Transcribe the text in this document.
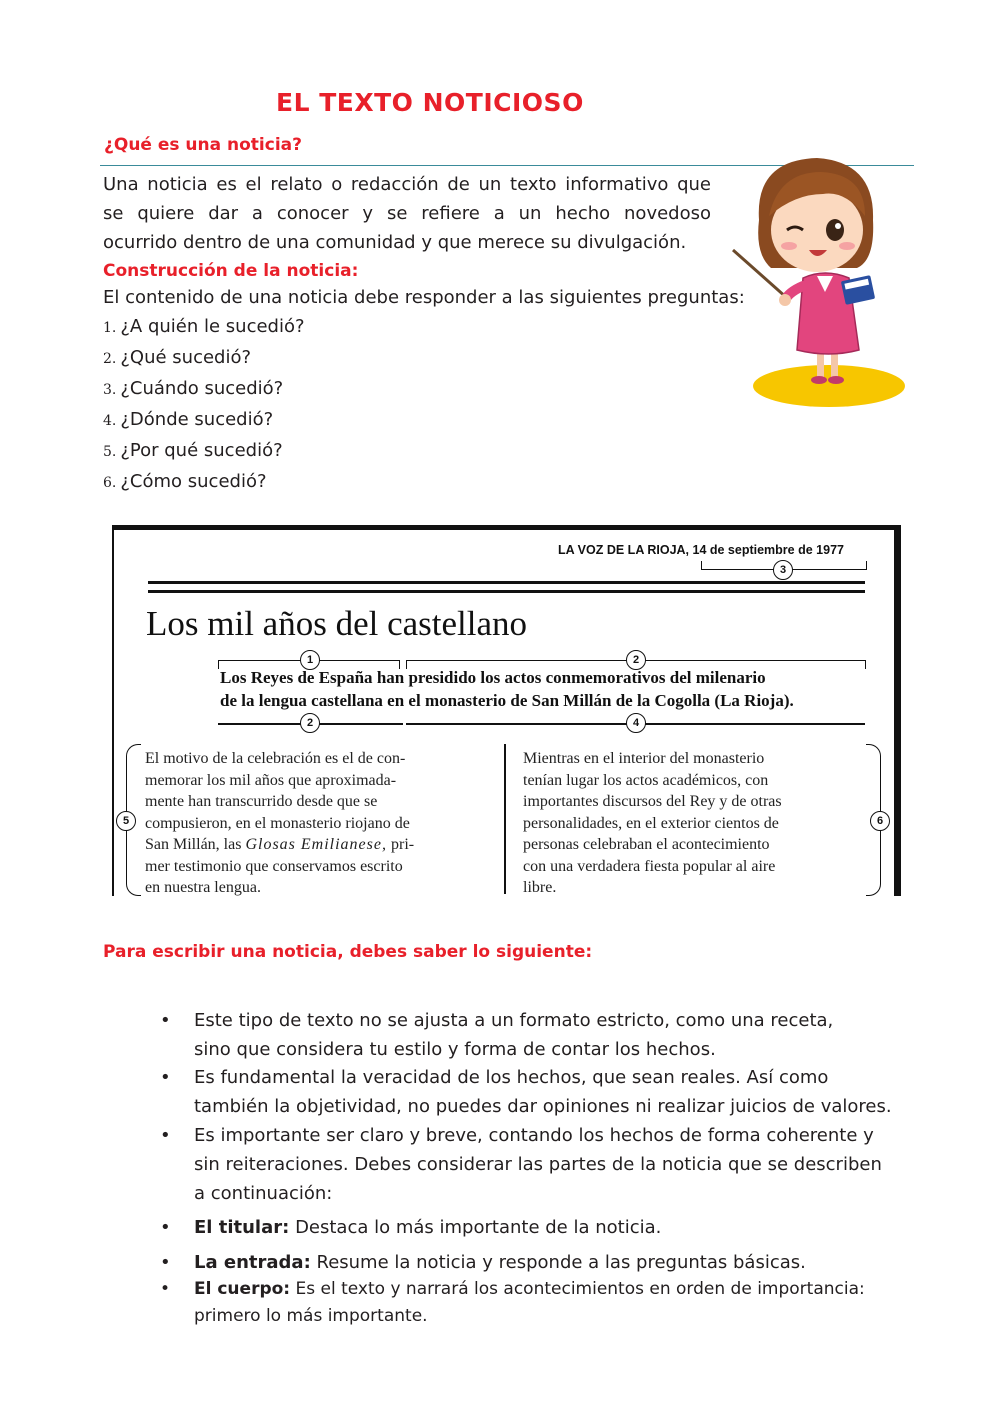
EL TEXTO NOTICIOSO
¿Qué es una noticia?
Una noticia es el relato o redacción de un texto informativo que
se quiere dar a conocer y se refiere a un hecho novedoso
ocurrido dentro de una comunidad y que merece su divulgación.
Construcción de la noticia:
El contenido de una noticia debe responder a las siguientes preguntas:
1. ¿A quién le sucedió?
2. ¿Qué sucedió?
3. ¿Cuándo sucedió?
4. ¿Dónde sucedió?
5. ¿Por qué sucedió?
6. ¿Cómo sucedió?
LA VOZ DE LA RIOJA, 14 de septiembre de 1977
3
Los mil años del castellano
1	2
Los Reyes de España han presidido los actos conmemorativos del milenario
de la lengua castellana en el monasterio de San Millán de la Cogolla (La Rioja).
2	4
5
El motivo de la celebración es el de con-
memorar los mil años que aproximada-
mente han transcurrido desde que se
compusieron, en el monasterio riojano de
San Millán, las Glosas Emilianese, pri-
mer testimonio que conservamos escrito
en nuestra lengua.
Mientras en el interior del monasterio
tenían lugar los actos académicos, con
importantes discursos del Rey y de otras
personalidades, en el exterior cientos de
personas celebraban el acontecimiento
con una verdadera fiesta popular al aire
libre.
6
Para escribir una noticia, debes saber lo siguiente:
• Este tipo de texto no se ajusta a un formato estricto, como una receta,
sino que considera tu estilo y forma de contar los hechos.
• Es fundamental la veracidad de los hechos, que sean reales. Así como
también la objetividad, no puedes dar opiniones ni realizar juicios de valores.
• Es importante ser claro y breve, contando los hechos de forma coherente y
sin reiteraciones. Debes considerar las partes de la noticia que se describen
a continuación:
• El titular: Destaca lo más importante de la noticia.
• La entrada: Resume la noticia y responde a las preguntas básicas.
• El cuerpo: Es el texto y narrará los acontecimientos en orden de importancia:
primero lo más importante.
